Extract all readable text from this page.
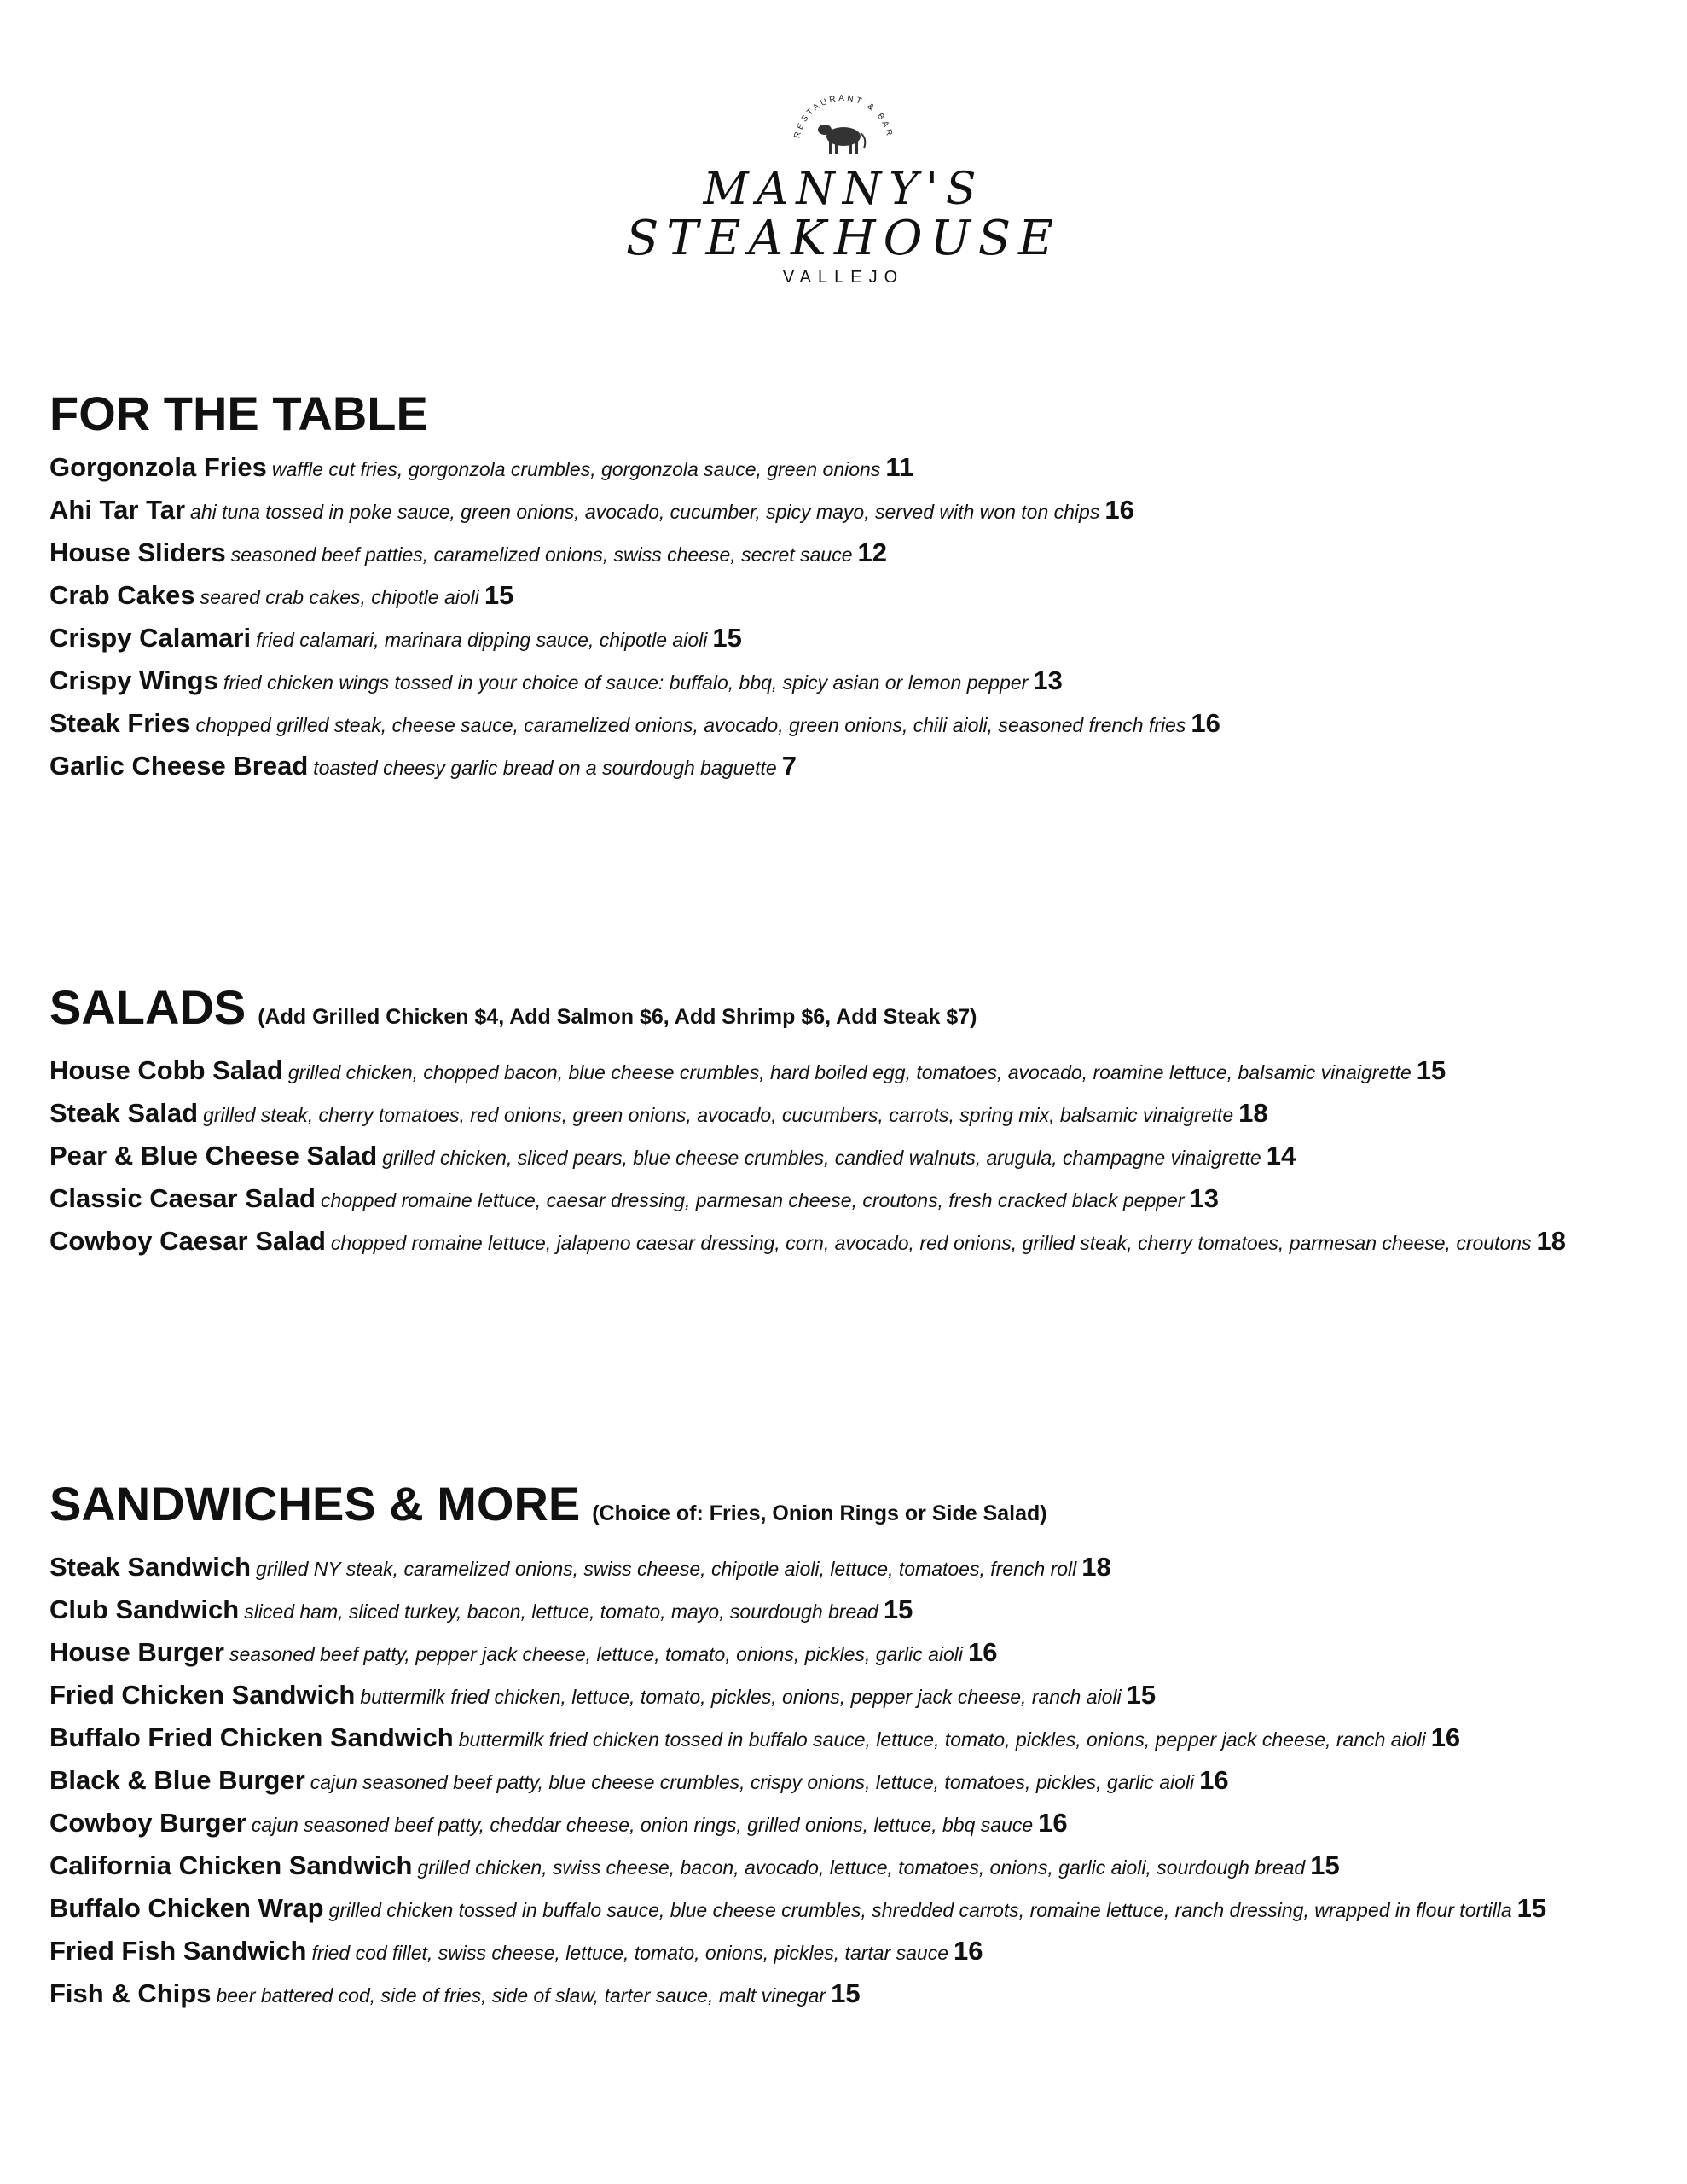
RESTAURANT & BAR
MANNY'S
STEAKHOUSE
VALLEJO
FOR THE TABLE

Gorgonzola Fries waffle cut fries, gorgonzola crumbles, gorgonzola sauce, green onions 11

Ahi Tar Tar ahi tuna tossed in poke sauce, green onions, avocado, cucumber, spicy mayo, served with won ton chips 16

House Sliders seasoned beef patties, caramelized onions, swiss cheese, secret sauce 12

Crab Cakes seared crab cakes, chipotle aioli 15

Crispy Calamari fried calamari, marinara dipping sauce, chipotle aioli 15

Crispy Wings fried chicken wings tossed in your choice of sauce: buffalo, bbq, spicy asian or lemon pepper 13

Steak Fries chopped grilled steak, cheese sauce, caramelized onions, avocado, green onions, chili aioli, seasoned french fries 16

Garlic Cheese Bread toasted cheesy garlic bread on a sourdough baguette 7

SALADS (Add Grilled Chicken $4, Add Salmon $6, Add Shrimp $6, Add Steak $7)

House Cobb Salad grilled chicken, chopped bacon, blue cheese crumbles, hard boiled egg, tomatoes, avocado, roamine lettuce, balsamic vinaigrette 15

Steak Salad grilled steak, cherry tomatoes, red onions, green onions, avocado, cucumbers, carrots, spring mix, balsamic vinaigrette 18

Pear & Blue Cheese Salad grilled chicken, sliced pears, blue cheese crumbles, candied walnuts, arugula, champagne vinaigrette 14

Classic Caesar Salad chopped romaine lettuce, caesar dressing, parmesan cheese, croutons, fresh cracked black pepper 13

Cowboy Caesar Salad chopped romaine lettuce, jalapeno caesar dressing, corn, avocado, red onions, grilled steak, cherry tomatoes, parmesan cheese, croutons 18

SANDWICHES & MORE (Choice of: Fries, Onion Rings or Side Salad)

Steak Sandwich grilled NY steak, caramelized onions, swiss cheese, chipotle aioli, lettuce, tomatoes, french roll 18

Club Sandwich sliced ham, sliced turkey, bacon, lettuce, tomato, mayo, sourdough bread 15

House Burger seasoned beef patty, pepper jack cheese, lettuce, tomato, onions, pickles, garlic aioli 16

Fried Chicken Sandwich buttermilk fried chicken, lettuce, tomato, pickles, onions, pepper jack cheese, ranch aioli 15

Buffalo Fried Chicken Sandwich buttermilk fried chicken tossed in buffalo sauce, lettuce, tomato, pickles, onions, pepper jack cheese, ranch aioli 16

Black & Blue Burger cajun seasoned beef patty, blue cheese crumbles, crispy onions, lettuce, tomatoes, pickles, garlic aioli 16

Cowboy Burger cajun seasoned beef patty, cheddar cheese, onion rings, grilled onions, lettuce, bbq sauce 16

California Chicken Sandwich grilled chicken, swiss cheese, bacon, avocado, lettuce, tomatoes, onions, garlic aioli, sourdough bread 15

Buffalo Chicken Wrap grilled chicken tossed in buffalo sauce, blue cheese crumbles, shredded carrots, romaine lettuce, ranch dressing, wrapped in flour tortilla 15

Fried Fish Sandwich fried cod fillet, swiss cheese, lettuce, tomato, onions, pickles, tartar sauce 16

Fish & Chips beer battered cod, side of fries, side of slaw, tarter sauce, malt vinegar 15
